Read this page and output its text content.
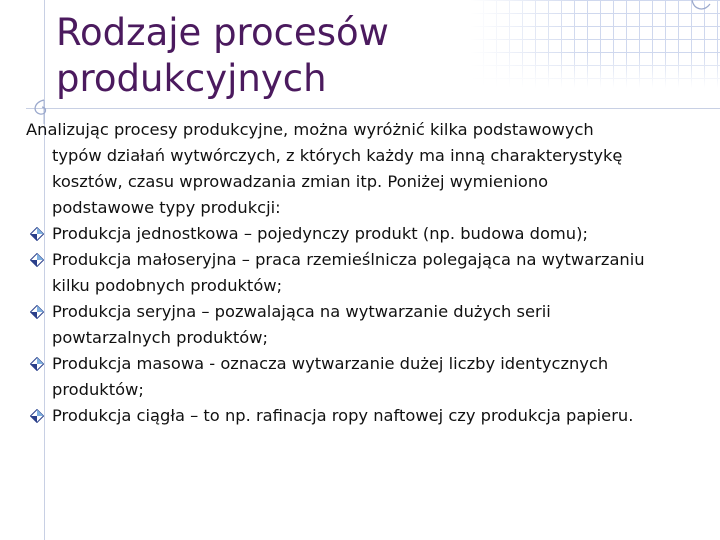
Rodzaje procesów
produkcyjnych

Analizując procesy produkcyjne, można wyróżnić kilka podstawowych
typów działań wytwórczych, z których każdy ma inną charakterystykę
kosztów, czasu wprowadzania zmian itp. Poniżej wymieniono
podstawowe typy produkcji:

Produkcja jednostkowa – pojedynczy produkt (np. budowa domu);
Produkcja małoseryjna – praca rzemieślnicza polegająca na wytwarzaniu
kilku podobnych produktów;
Produkcja seryjna – pozwalająca na wytwarzanie dużych serii
powtarzalnych produktów;
Produkcja masowa - oznacza wytwarzanie dużej liczby identycznych
produktów;
Produkcja ciągła – to np. rafinacja ropy naftowej czy produkcja papieru.
